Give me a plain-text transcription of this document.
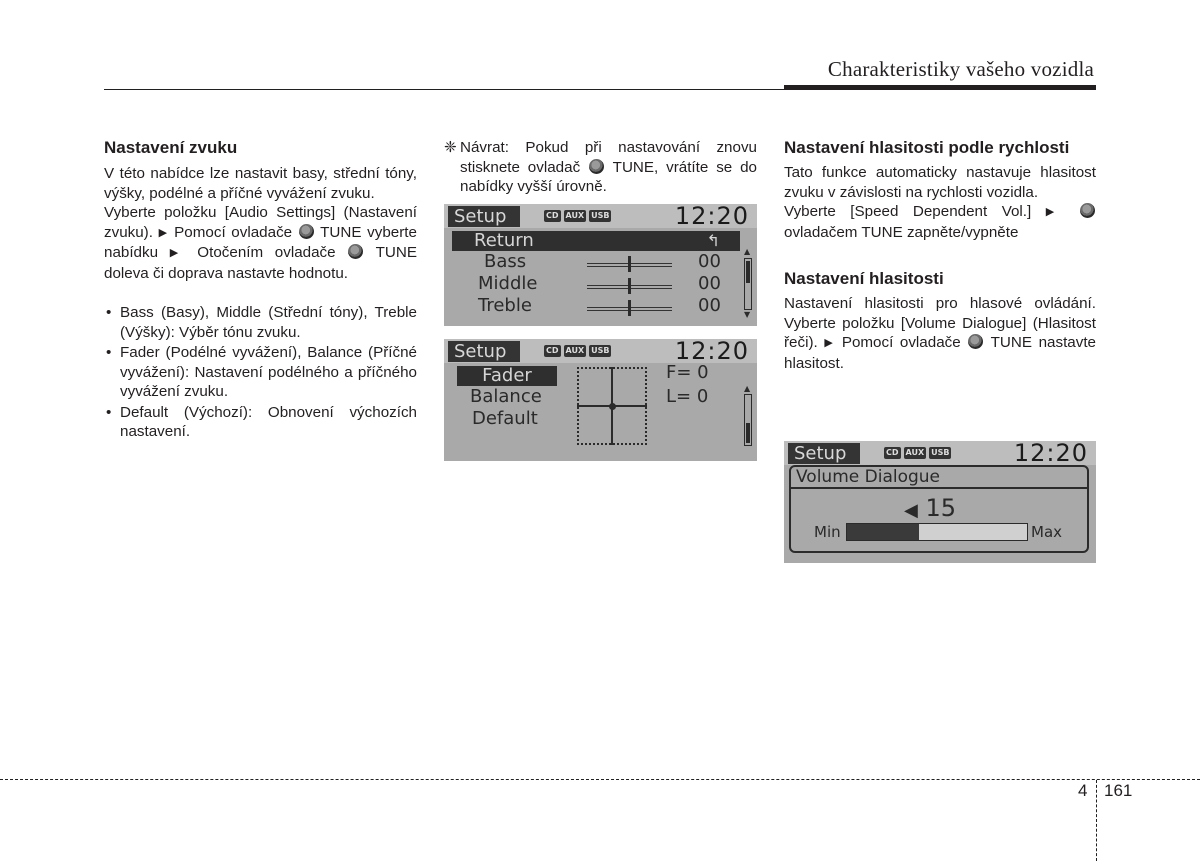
Charakteristiky vašeho vozidla
Nastavení zvuku

V této nabídce lze nastavit basy, střední tóny, výšky, podélné a příčné vyvážení zvuku.

Vyberte položku [Audio Settings] (Nastavení zvuku). ▶ Pomocí ovladače TUNE vyberte nabídku ▶ Otočením ovladače	TUNE doleva či doprava nastavte hodnotu.

• Bass (Basy), Middle (Střední tóny), Treble (Výšky): Výběr tónu zvuku.
• Fader (Podélné vyvážení), Balance (Příčné vyvážení): Nastavení podélného a příčného vyvážení zvuku.
• Default (Výchozí): Obnovení výchozích nastavení.
❈ Návrat: Pokud při nastavování znovu stisknete ovladač TUNE, vrátíte se do nabídky vyšší úrovně.
Setup	CD AUX USB	12:20
Return	↰
Bass	00
Middle	00
Treble	00
▲
▼
Setup	CD AUX USB	12:20
Fader
Balance
Default
F= 0
L= 0	▲
Nastavení hlasitosti podle rychlosti

Tato funkce automaticky nastavuje hlasitost zvuku v závislosti na rychlosti vozidla.

Vyberte [Speed Dependent Vol.] ▶  ovladačem TUNE zapněte/vypněte

Nastavení hlasitosti

Nastavení hlasitosti pro hlasové ovládání.

Vyberte položku [Volume Dialogue] (Hlasitost řeči). ▶ Pomocí ovladače TUNE nastavte hlasitost.

Setup	CD AUX USB	12:20
Volume Dialogue
◀ 15
Min	Max
4 161
